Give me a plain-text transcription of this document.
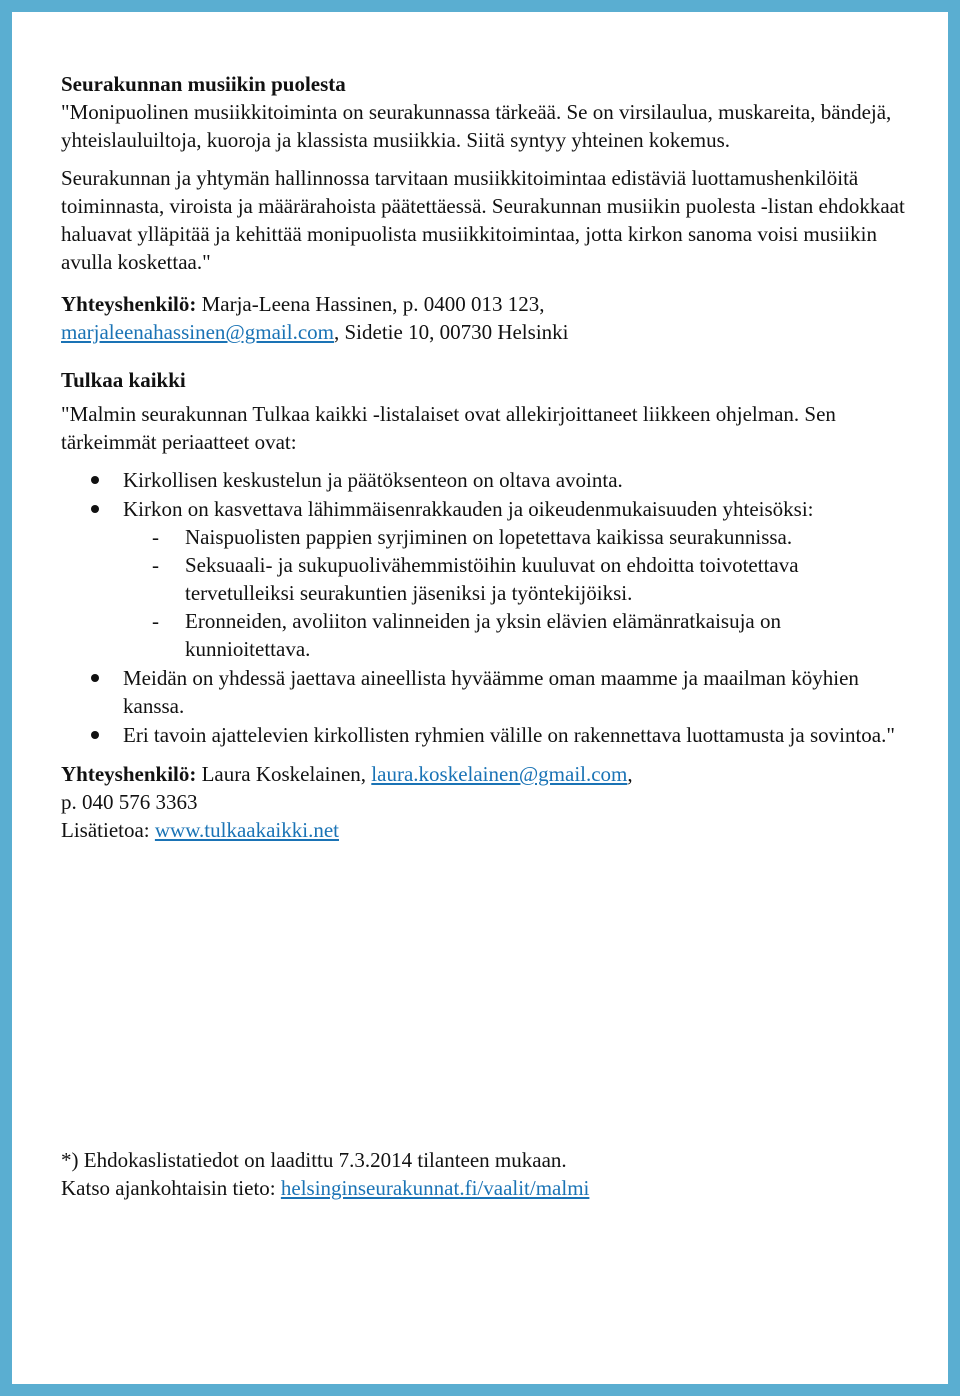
Seurakunnan musiikin puolesta

"Monipuolinen musiikkitoiminta on seurakunnassa tärkeää. Se on virsilaulua, muskareita, bändejä, yhteislauluiltoja, kuoroja ja klassista musiikkia. Siitä syntyy yhteinen kokemus.

Seurakunnan ja yhtymän hallinnossa tarvitaan musiikkitoimintaa edistäviä luottamushenkilöitä toiminnasta, viroista ja määrärahoista päätettäessä. Seurakunnan musiikin puolesta -listan ehdokkaat haluavat ylläpitää ja kehittää monipuolista musiikkitoimintaa, jotta kirkon sanoma voisi musiikin avulla koskettaa."

Yhteyshenkilö: Marja-Leena Hassinen, p. 0400 013 123,
marjaleenahassinen@gmail.com, Sidetie 10, 00730 Helsinki

Tulkaa kaikki

"Malmin seurakunnan Tulkaa kaikki -listalaiset ovat allekirjoittaneet liikkeen ohjelman. Sen tärkeimmät periaatteet ovat:

Kirkollisen keskustelun ja päätöksenteon on oltava avointa.
Kirkon on kasvettava lähimmäisenrakkauden ja oikeudenmukaisuuden yhteisöksi:
-	Naispuolisten pappien syrjiminen on lopetettava kaikissa seurakunnissa.
-	Seksuaali- ja sukupuolivähemmistöihin kuuluvat on ehdoitta toivotettava tervetulleiksi seurakuntien jäseniksi ja työntekijöiksi.
-	Eronneiden, avoliiton valinneiden ja yksin elävien elämänratkaisuja on kunnioitettava.
Meidän on yhdessä jaettava aineellista hyväämme oman maamme ja maailman köyhien kanssa.
Eri tavoin ajattelevien kirkollisten ryhmien välille on rakennettava luottamusta ja sovintoa."

Yhteyshenkilö: Laura Koskelainen, laura.koskelainen@gmail.com,

p. 040 576 3363

Lisätietoa: www.tulkaakaikki.net

*) Ehdokaslistatiedot on laadittu 7.3.2014 tilanteen mukaan.

Katso ajankohtaisin tieto: helsinginseurakunnat.fi/vaalit/malmi
